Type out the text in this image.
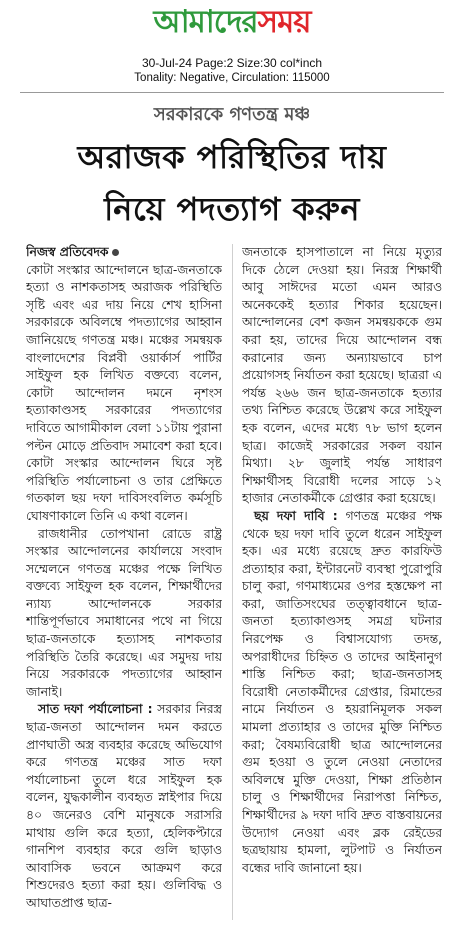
আমাদেরসময়
30-Jul-24 Page:2 Size:30 col*inch
Tonality: Negative, Circulation: 115000
সরকারকে গণতন্ত্র মঞ্চ
অরাজক পরিস্থিতির দায়
নিয়ে পদত্যাগ করুন

নিজস্ব প্রতিবেদক

কোটা সংস্কার আন্দোলনে ছাত্র-জনতাকে হত্যা ও নাশকতাসহ অরাজক পরিস্থিতি সৃষ্টি এবং এর দায় নিয়ে শেখ হাসিনা সরকারকে অবিলম্বে পদত্যাগের আহ্বান জানিয়েছে গণতন্ত্র মঞ্চ। মঞ্চের সমন্বয়ক বাংলাদেশের বিপ্লবী ওয়ার্কার্স পার্টির সাইফুল হক লিখিত বক্তব্যে বলেন, কোটা আন্দোলন দমনে নৃশংস হত্যাকাণ্ডসহ সরকারের পদত্যাগের দাবিতে আগামীকাল বেলা ১১টায় পুরানা পল্টন মোড়ে প্রতিবাদ সমাবেশ করা হবে। কোটা সংস্কার আন্দোলন ঘিরে সৃষ্ট পরিস্থিতি পর্যালোচনা ও তার প্রেক্ষিতে গতকাল ছয় দফা দাবিসংবলিত কর্মসূচি ঘোষণাকালে তিনি এ কথা বলেন।

রাজধানীর তোপখানা রোডে রাষ্ট্র সংস্কার আন্দোলনের কার্যালয়ে সংবাদ সম্মেলনে গণতন্ত্র মঞ্চের পক্ষে লিখিত বক্তব্যে সাইফুল হক বলেন, শিক্ষার্থীদের ন্যায্য আন্দোলনকে সরকার শান্তিপূর্ণভাবে সমাধানের পথে না গিয়ে ছাত্র-জনতাকে হত্যাসহ নাশকতার পরিস্থিতি তৈরি করেছে। এর সমুদয় দায় নিয়ে সরকারকে পদত্যাগের আহ্বান জানাই।

সাত দফা পর্যালোচনা : সরকার নিরস্ত্র ছাত্র-জনতা আন্দোলন দমন করতে প্রাণঘাতী অস্ত্র ব্যবহার করেছে অভিযোগ করে গণতন্ত্র মঞ্চের সাত দফা পর্যালোচনা তুলে ধরে সাইফুল হক বলেন, যুদ্ধকালীন ব্যবহৃত স্নাইপার দিয়ে ৪০ জনেরও বেশি মানুষকে সরাসরি মাথায় গুলি করে হত্যা, হেলিকপ্টারে গানশিপ ব্যবহার করে গুলি ছাড়াও আবাসিক ভবনে আক্রমণ করে শিশুদেরও হত্যা করা হয়। গুলিবিদ্ধ ও আঘাতপ্রাপ্ত ছাত্র-

জনতাকে হাসপাতালে না নিয়ে মৃত্যুর দিকে ঠেলে দেওয়া হয়। নিরস্ত্র শিক্ষার্থী আবু সাঈদের মতো এমন আরও অনেককেই হত্যার শিকার হয়েছেন। আন্দোলনের বেশ কজন সমন্বয়ককে গুম করা হয়, তাদের দিয়ে আন্দোলন বন্ধ করানোর জন্য অন্যায়ভাবে চাপ প্রয়োগসহ নির্যাতন করা হয়েছে। ছাত্ররা এ পর্যন্ত ২৬৬ জন ছাত্র-জনতাকে হত্যার তথ্য নিশ্চিত করেছে উল্লেখ করে সাইফুল হক বলেন, এদের মধ্যে ৭৮ ভাগ হলেন ছাত্র। কাজেই সরকারের সকল বয়ান মিথ্যা। ২৮ জুলাই পর্যন্ত সাধারণ শিক্ষার্থীসহ বিরোধী দলের সাড়ে ১২ হাজার নেতাকর্মীকে গ্রেপ্তার করা হয়েছে।

ছয় দফা দাবি : গণতন্ত্র মঞ্চের পক্ষ থেকে ছয় দফা দাবি তুলে ধরেন সাইফুল হক। এর মধ্যে রয়েছে দ্রুত কারফিউ প্রত্যাহার করা, ইন্টারনেট ব্যবস্থা পুরোপুরি চালু করা, গণমাধ্যমের ওপর হস্তক্ষেপ না করা, জাতিসংঘের তত্ত্বাবধানে ছাত্র-জনতা হত্যাকাণ্ডসহ সমগ্র ঘটনার নিরপেক্ষ ও বিশ্বাসযোগ্য তদন্ত, অপরাধীদের চিহ্নিত ও তাদের আইনানুগ শাস্তি নিশ্চিত করা; ছাত্র-জনতাসহ বিরোধী নেতাকর্মীদের গ্রেপ্তার, রিমান্ডের নামে নির্যাতন ও হয়রানিমূলক সকল মামলা প্রত্যাহার ও তাদের মুক্তি নিশ্চিত করা; বৈষম্যবিরোধী ছাত্র আন্দোলনের গুম হওয়া ও তুলে নেওয়া নেতাদের অবিলম্বে মুক্তি দেওয়া, শিক্ষা প্রতিষ্ঠান চালু ও শিক্ষার্থীদের নিরাপত্তা নিশ্চিত, শিক্ষার্থীদের ৯ দফা দাবি দ্রুত বাস্তবায়নের উদ্যোগ নেওয়া এবং ব্লক রেইডের ছত্রছায়ায় হামলা, লুটপাট ও নির্যাতন বন্ধের দাবি জানানো হয়।
